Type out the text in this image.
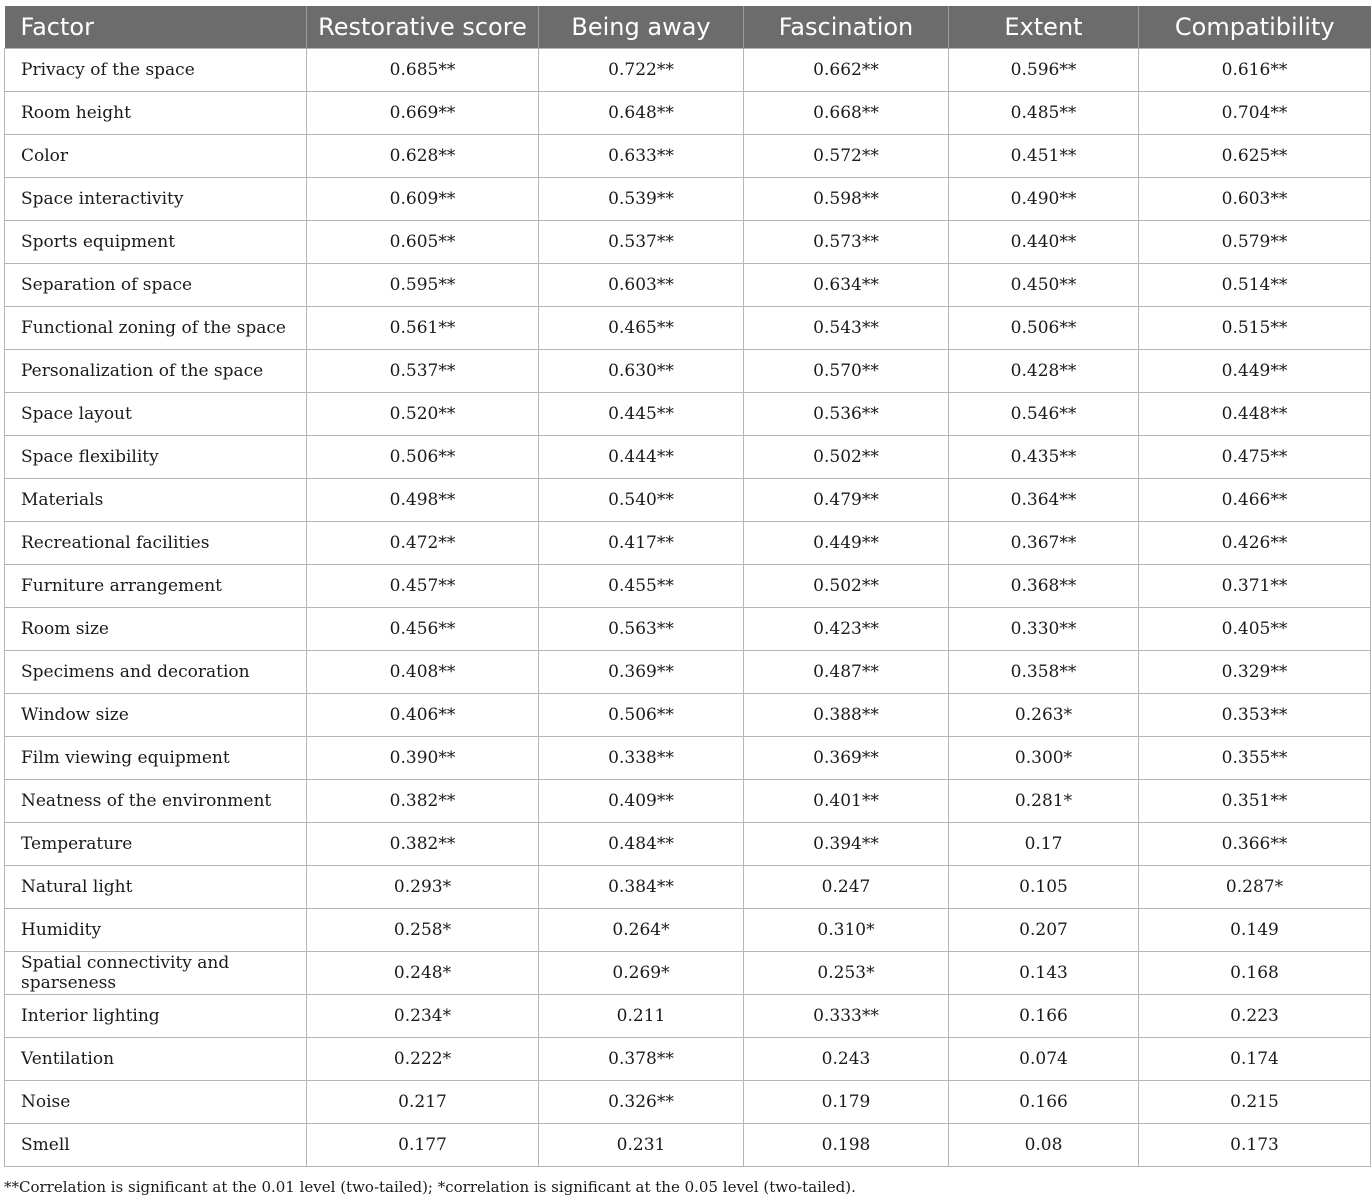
Factor	Restorative score	Being away	Fascination	Extent	Compatibility
Privacy of the space	0.685**	0.722**	0.662**	0.596**	0.616**
Room height	0.669**	0.648**	0.668**	0.485**	0.704**
Color	0.628**	0.633**	0.572**	0.451**	0.625**
Space interactivity	0.609**	0.539**	0.598**	0.490**	0.603**
Sports equipment	0.605**	0.537**	0.573**	0.440**	0.579**
Separation of space	0.595**	0.603**	0.634**	0.450**	0.514**
Functional zoning of the space	0.561**	0.465**	0.543**	0.506**	0.515**
Personalization of the space	0.537**	0.630**	0.570**	0.428**	0.449**
Space layout	0.520**	0.445**	0.536**	0.546**	0.448**
Space flexibility	0.506**	0.444**	0.502**	0.435**	0.475**
Materials	0.498**	0.540**	0.479**	0.364**	0.466**
Recreational facilities	0.472**	0.417**	0.449**	0.367**	0.426**
Furniture arrangement	0.457**	0.455**	0.502**	0.368**	0.371**
Room size	0.456**	0.563**	0.423**	0.330**	0.405**
Specimens and decoration	0.408**	0.369**	0.487**	0.358**	0.329**
Window size	0.406**	0.506**	0.388**	0.263*	0.353**
Film viewing equipment	0.390**	0.338**	0.369**	0.300*	0.355**
Neatness of the environment	0.382**	0.409**	0.401**	0.281*	0.351**
Temperature	0.382**	0.484**	0.394**	0.17	0.366**
Natural light	0.293*	0.384**	0.247	0.105	0.287*
Humidity	0.258*	0.264*	0.310*	0.207	0.149
Spatial connectivity and sparseness	0.248*	0.269*	0.253*	0.143	0.168
Interior lighting	0.234*	0.211	0.333**	0.166	0.223
Ventilation	0.222*	0.378**	0.243	0.074	0.174
Noise	0.217	0.326**	0.179	0.166	0.215
Smell	0.177	0.231	0.198	0.08	0.173
**Correlation is significant at the 0.01 level (two-tailed); *correlation is significant at the 0.05 level (two-tailed).
